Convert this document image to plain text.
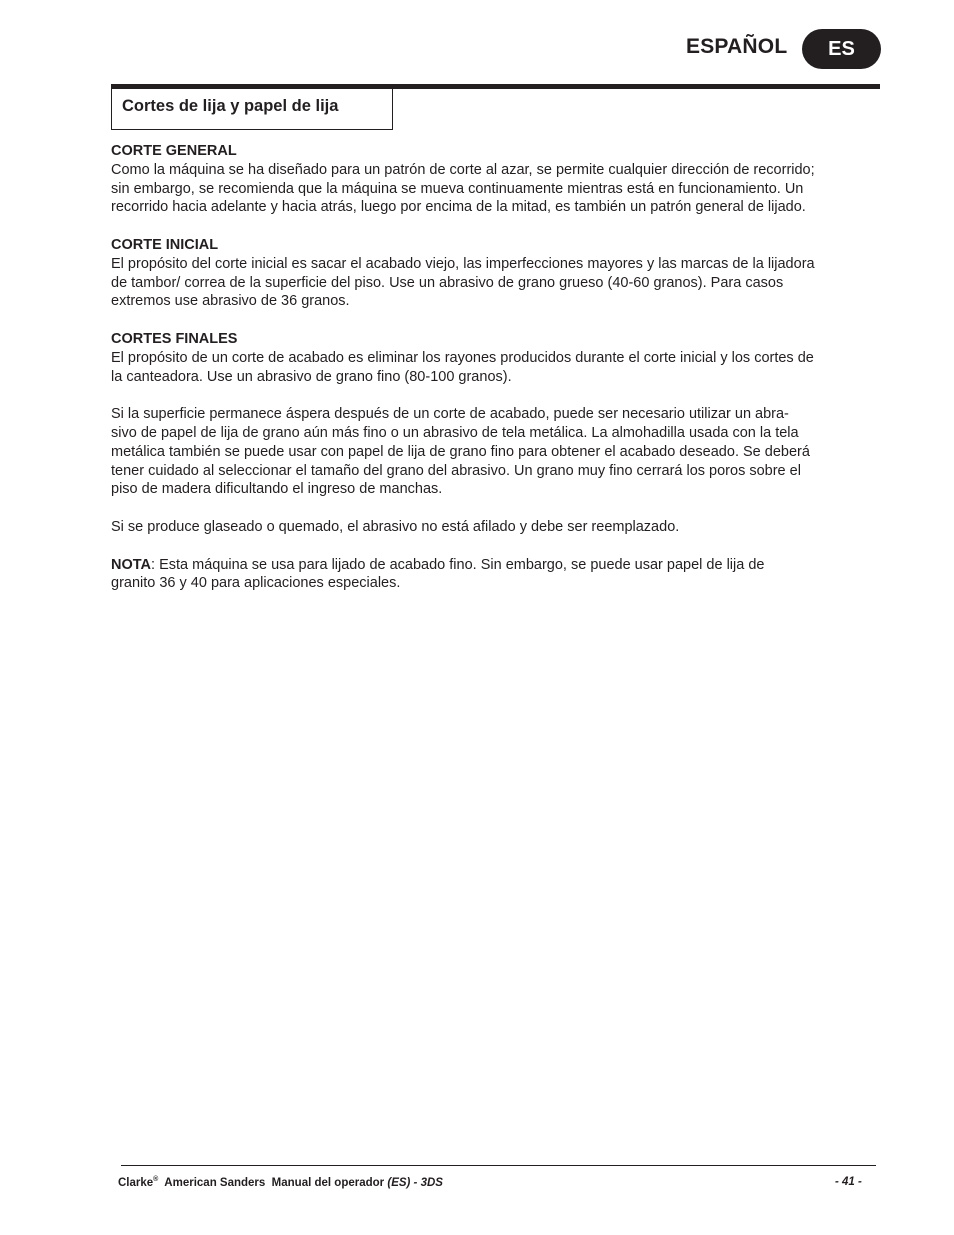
ESPAÑOL	ES
Cortes de lija y papel de lija

CORTE GENERAL

Como la máquina se ha diseñado para un patrón de corte al azar, se permite cualquier dirección de recorrido;

sin embargo, se recomienda que la máquina se mueva continuamente mientras está en funcionamiento. Un

recorrido hacia adelante y hacia atrás, luego por encima de la mitad, es también un patrón general de lijado.

CORTE INICIAL

El propósito del corte inicial es sacar el acabado viejo, las imperfecciones mayores y las marcas de la lijadora

de tambor/ correa de la superficie del piso. Use un abrasivo de grano grueso (40-60 granos). Para casos

extremos use abrasivo de 36 granos.

CORTES FINALES

El propósito de un corte de acabado es eliminar los rayones producidos durante el corte inicial y los cortes de

la canteadora. Use un abrasivo de grano fino (80-100 granos).

Si la superficie permanece áspera después de un corte de acabado, puede ser necesario utilizar un abra-

sivo de papel de lija de grano aún más fino o un abrasivo de tela metálica. La almohadilla usada con la tela

metálica también se puede usar con papel de lija de grano fino para obtener el acabado deseado. Se deberá

tener cuidado al seleccionar el tamaño del grano del abrasivo. Un grano muy fino cerrará los poros sobre el

piso de madera dificultando el ingreso de manchas.

Si se produce glaseado o quemado, el abrasivo no está afilado y debe ser reemplazado.

NOTA: Esta máquina se usa para lijado de acabado fino. Sin embargo, se puede usar papel de lija de

granito 36 y 40 para aplicaciones especiales.

Clarke®  American Sanders  Manual del operador (ES) - 3DS	- 41 -
